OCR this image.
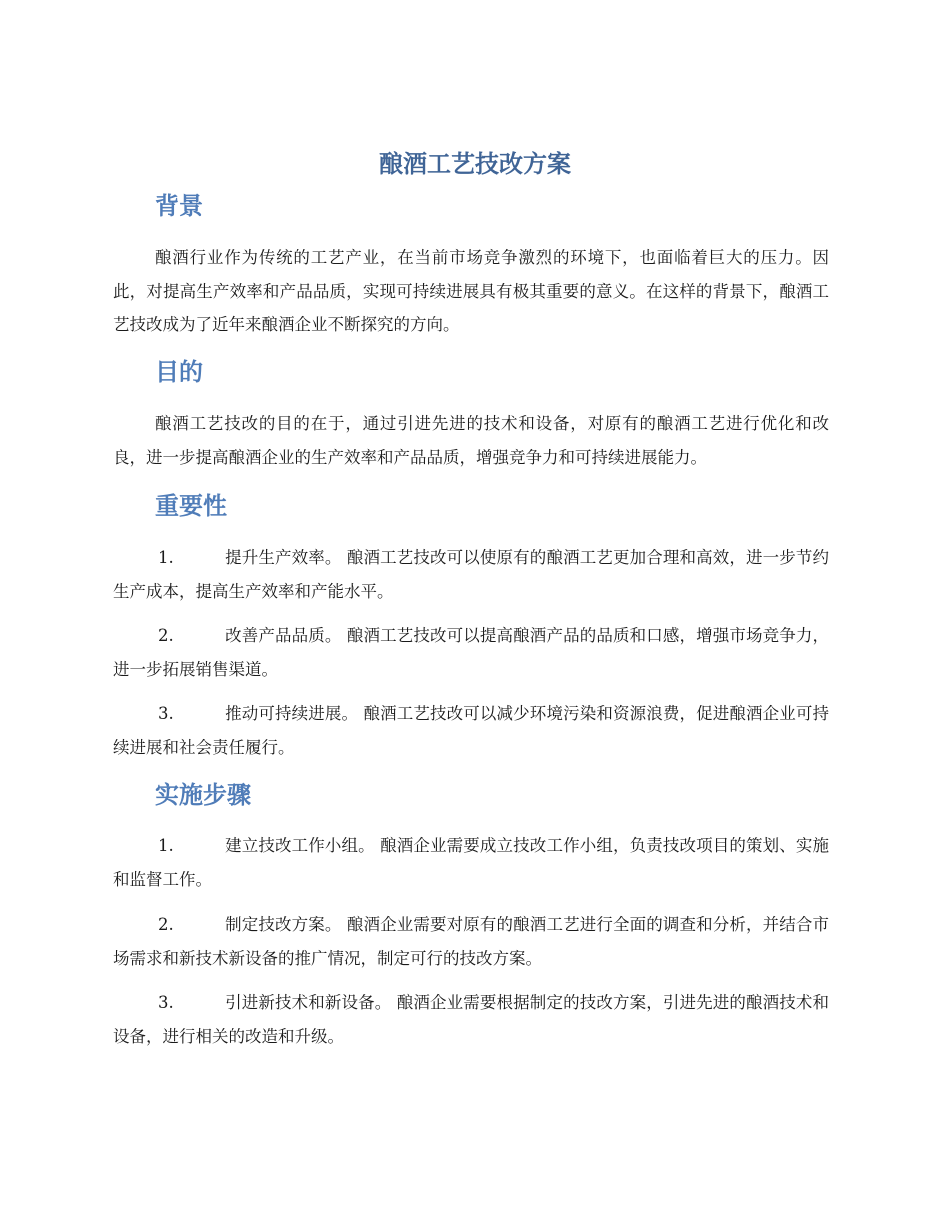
酿酒工艺技改方案
背景

酿酒行业作为传统的工艺产业，在当前市场竞争激烈的环境下，也面临着巨大的压力。因此，对提高生产效率和产品品质，实现可持续进展具有极其重要的意义。在这样的背景下，酿酒工艺技改成为了近年来酿酒企业不断探究的方向。

目的

酿酒工艺技改的目的在于，通过引进先进的技术和设备，对原有的酿酒工艺进行优化和改良，进一步提高酿酒企业的生产效率和产品品质，增强竞争力和可持续进展能力。

重要性
1.	提升生产效率。 酿酒工艺技改可以使原有的酿酒工艺更加合理和高效，进一步节约生产成本，提高生产效率和产能水平。
2.	改善产品品质。 酿酒工艺技改可以提高酿酒产品的品质和口感，增强市场竞争力，进一步拓展销售渠道。
3.	推动可持续进展。 酿酒工艺技改可以减少环境污染和资源浪费，促进酿酒企业可持续进展和社会责任履行。
实施步骤
1.	建立技改工作小组。 酿酒企业需要成立技改工作小组，负责技改项目的策划、实施和监督工作。
2.	制定技改方案。 酿酒企业需要对原有的酿酒工艺进行全面的调查和分析，并结合市场需求和新技术新设备的推广情况，制定可行的技改方案。
3.	引进新技术和新设备。 酿酒企业需要根据制定的技改方案，引进先进的酿酒技术和设备，进行相关的改造和升级。
